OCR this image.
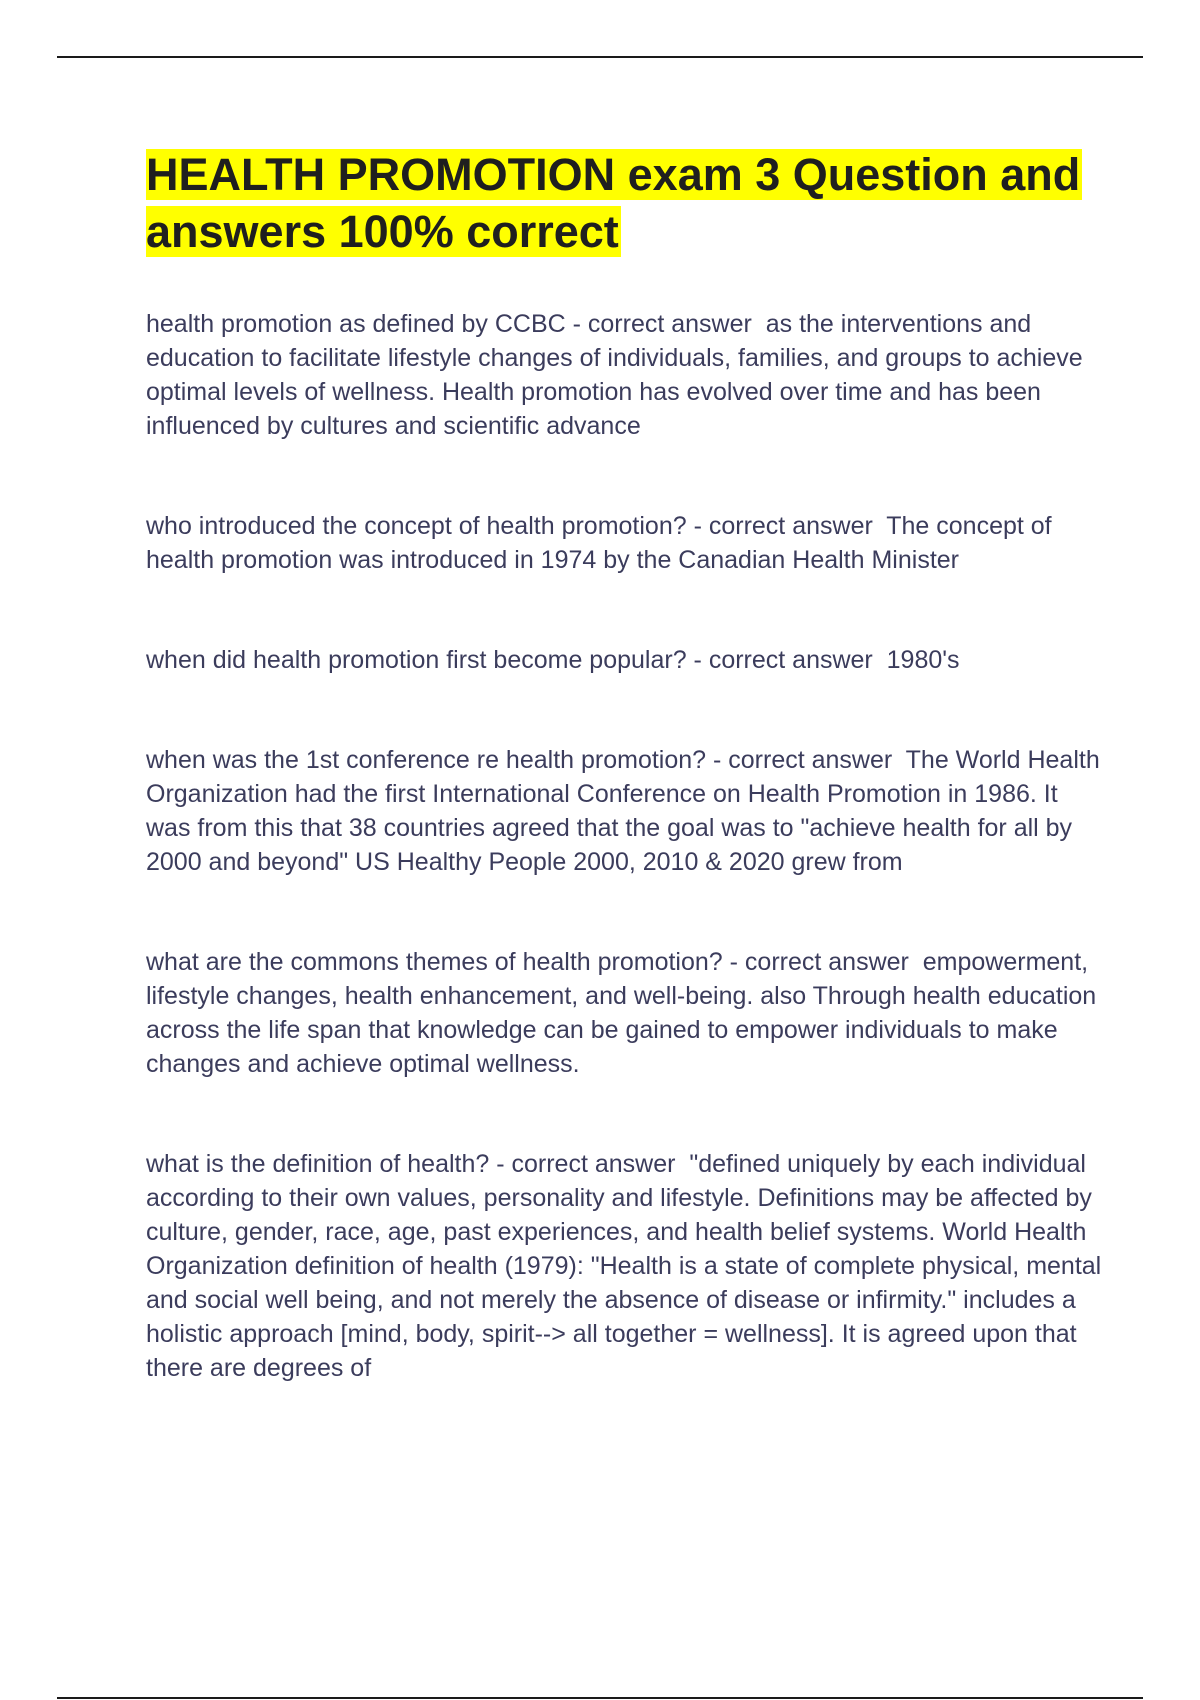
HEALTH PROMOTION exam 3 Question and answers 100% correct

health promotion as defined by CCBC - correct answer  as the interventions and education to facilitate lifestyle changes of individuals, families, and groups to achieve optimal levels of wellness. Health promotion has evolved over time and has been influenced by cultures and scientific advance

who introduced the concept of health promotion? - correct answer  The concept of health promotion was introduced in 1974 by the Canadian Health Minister

when did health promotion first become popular? - correct answer  1980's

when was the 1st conference re health promotion? - correct answer  The World Health Organization had the first International Conference on Health Promotion in 1986. It was from this that 38 countries agreed that the goal was to "achieve health for all by 2000 and beyond" US Healthy People 2000, 2010 & 2020 grew from

what are the commons themes of health promotion? - correct answer  empowerment, lifestyle changes, health enhancement, and well-being. also Through health education across the life span that knowledge can be gained to empower individuals to make changes and achieve optimal wellness.

what is the definition of health? - correct answer  "defined uniquely by each individual according to their own values, personality and lifestyle. Definitions may be affected by culture, gender, race, age, past experiences, and health belief systems. World Health Organization definition of health (1979): "Health is a state of complete physical, mental and social well being, and not merely the absence of disease or infirmity." includes a holistic approach [mind, body, spirit--> all together = wellness]. It is agreed upon that there are degrees of
